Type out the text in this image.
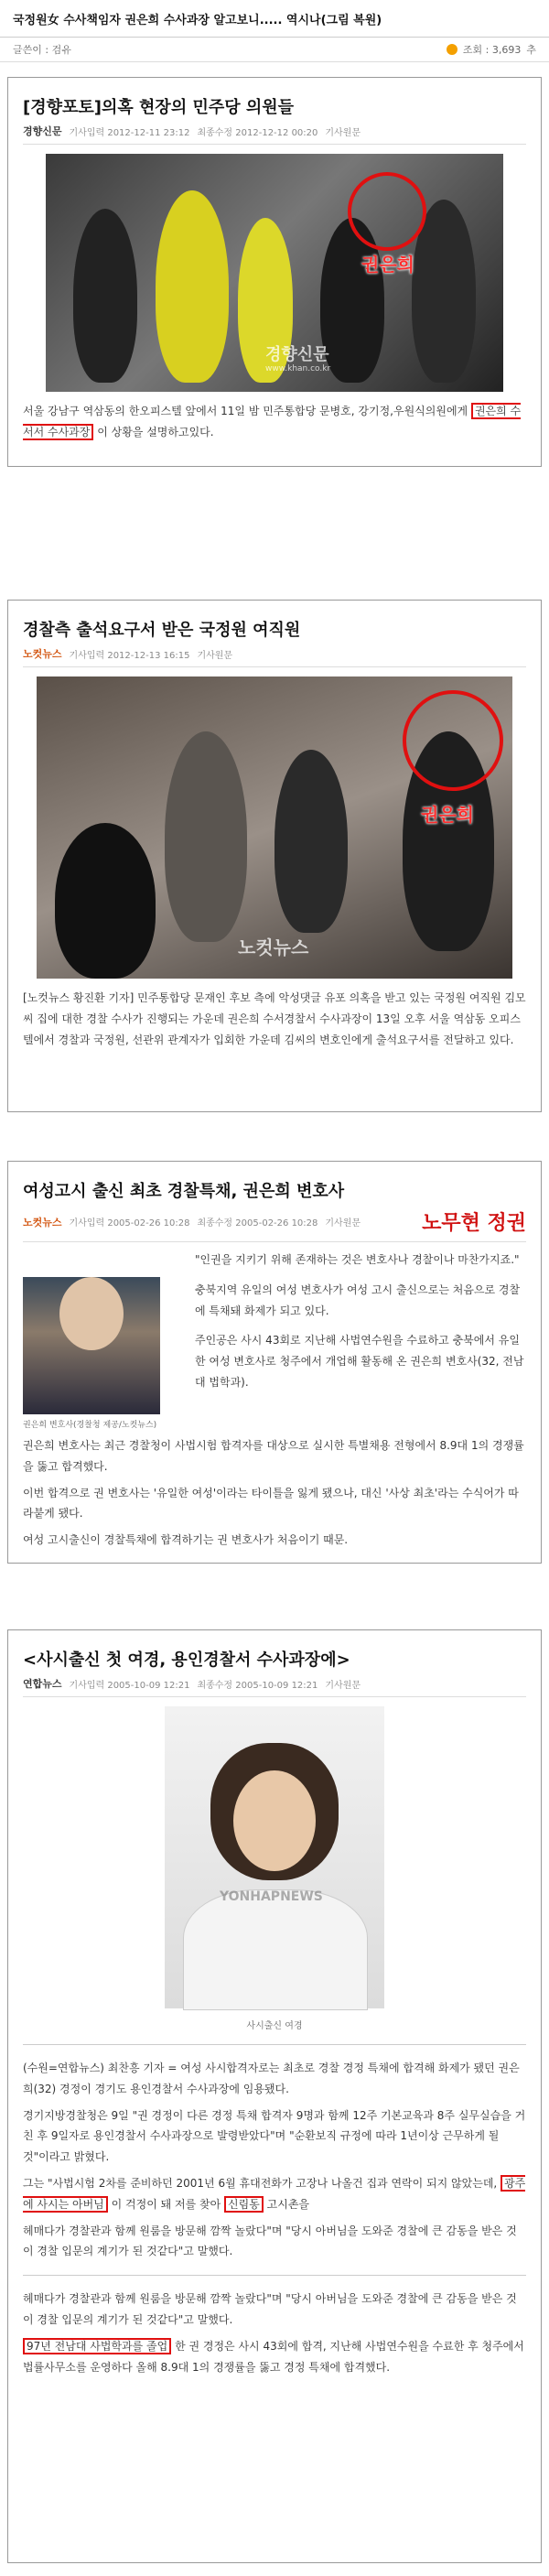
국정원女 수사책임자 권은희 수사과장 알고보니..... 역시나(그림 복원)
글쓴이 : 검유	조회 : 3,693 추
[경향포토]의혹 현장의 민주당 의원들
경향신문 기사입력 2012-12-11 23:12 최종수정 2012-12-12 00:20 기사원문
권은희
경향신문
www.khan.co.kr
서울 강남구 역삼동의 한오피스텔 앞에서 11일 밤 민주통합당 문병호, 강기정,우원식의원에게 권은희 수서서 수사과장 이 상황을 설명하고있다.
경찰측 출석요구서 받은 국정원 여직원
노컷뉴스 기사입력 2012-12-13 16:15 기사원문
권은희
노컷뉴스
[노컷뉴스 황진환 기자] 민주통합당 문재인 후보 측에 악성댓글 유포 의혹을 받고 있는 국정원 여직원 김모씨 집에 대한 경찰 수사가 진행되는 가운데 권은희 수서경찰서 수사과장이 13일 오후 서울 역삼동 오피스텔에서 경찰과 국정원, 선관위 관계자가 입회한 가운데 김씨의 변호인에게 출석요구서를 전달하고 있다.
여성고시 출신 최초 경찰특채, 권은희 변호사
노컷뉴스 기사입력 2005-02-26 10:28 최종수정 2005-02-26 10:28 기사원문	노무현 정권
권은희 변호사(경찰청 제공/노컷뉴스)

"인권을 지키기 위해 존재하는 것은 변호사나 경찰이나 마찬가지죠."

충북지역 유일의 여성 변호사가 여성 고시 출신으로는 처음으로 경찰에 특채돼 화제가 되고 있다.

주인공은 사시 43회로 지난해 사법연수원을 수료하고 충북에서 유일한 여성 변호사로 청주에서 개업해 활동해 온 권은희 변호사(32, 전남대 법학과).

권은희 변호사는 최근 경찰청이 사법시험 합격자를 대상으로 실시한 특별채용 전형에서 8.9대 1의 경쟁률을 뚫고 합격했다.
이번 합격으로 권 변호사는 '유일한 여성'이라는 타이틀을 잃게 됐으나, 대신 '사상 최초'라는 수식어가 따라붙게 됐다.
여성 고시출신이 경찰특채에 합격하기는 권 변호사가 처음이기 때문.
<사시출신 첫 여경, 용인경찰서 수사과장에>
연합뉴스 기사입력 2005-10-09 12:21 최종수정 2005-10-09 12:21 기사원문
YONHAPNEWS
사시출신 여경
(수원=연합뉴스) 최찬흥 기자 = 여성 사시합격자로는 최초로 경찰 경정 특채에 합격해 화제가 됐던 권은희(32) 경정이 경기도 용인경찰서 수사과장에 임용됐다.
경기지방경찰청은 9일 "권 경정이 다른 경정 특채 합격자 9명과 함께 12주 기본교육과 8주 실무실습을 거친 후 9일자로 용인경찰서 수사과장으로 발령받았다"며 "순환보직 규정에 따라 1년이상 근무하게 될 것"이라고 밝혔다.
그는 "사법시험 2차를 준비하던 2001년 6월 휴대전화가 고장나 나올건 집과 연락이 되지 않았는데, 광주에 사시는 아버님 이 걱정이 돼 저를 찾아 신림동 고시촌을
헤매다가 경찰관과 함께 원룸을 방문해 깜짝 놀랐다"며 "당시 아버님을 도와준 경찰에 큰 감동을 받은 것이 경찰 입문의 계기가 된 것같다"고 말했다.
헤매다가 경찰관과 함께 원룸을 방문해 깜짝 놀랐다"며 "당시 아버님을 도와준 경찰에 큰 감동을 받은 것이 경찰 입문의 계기가 된 것같다"고 말했다.
97년 전남대 사법학과를 졸업 한 권 경정은 사시 43회에 합격, 지난해 사법연수원을 수료한 후 청주에서 법률사무소를 운영하다 올해 8.9대 1의 경쟁률을 뚫고 경정 특채에 합격했다.
